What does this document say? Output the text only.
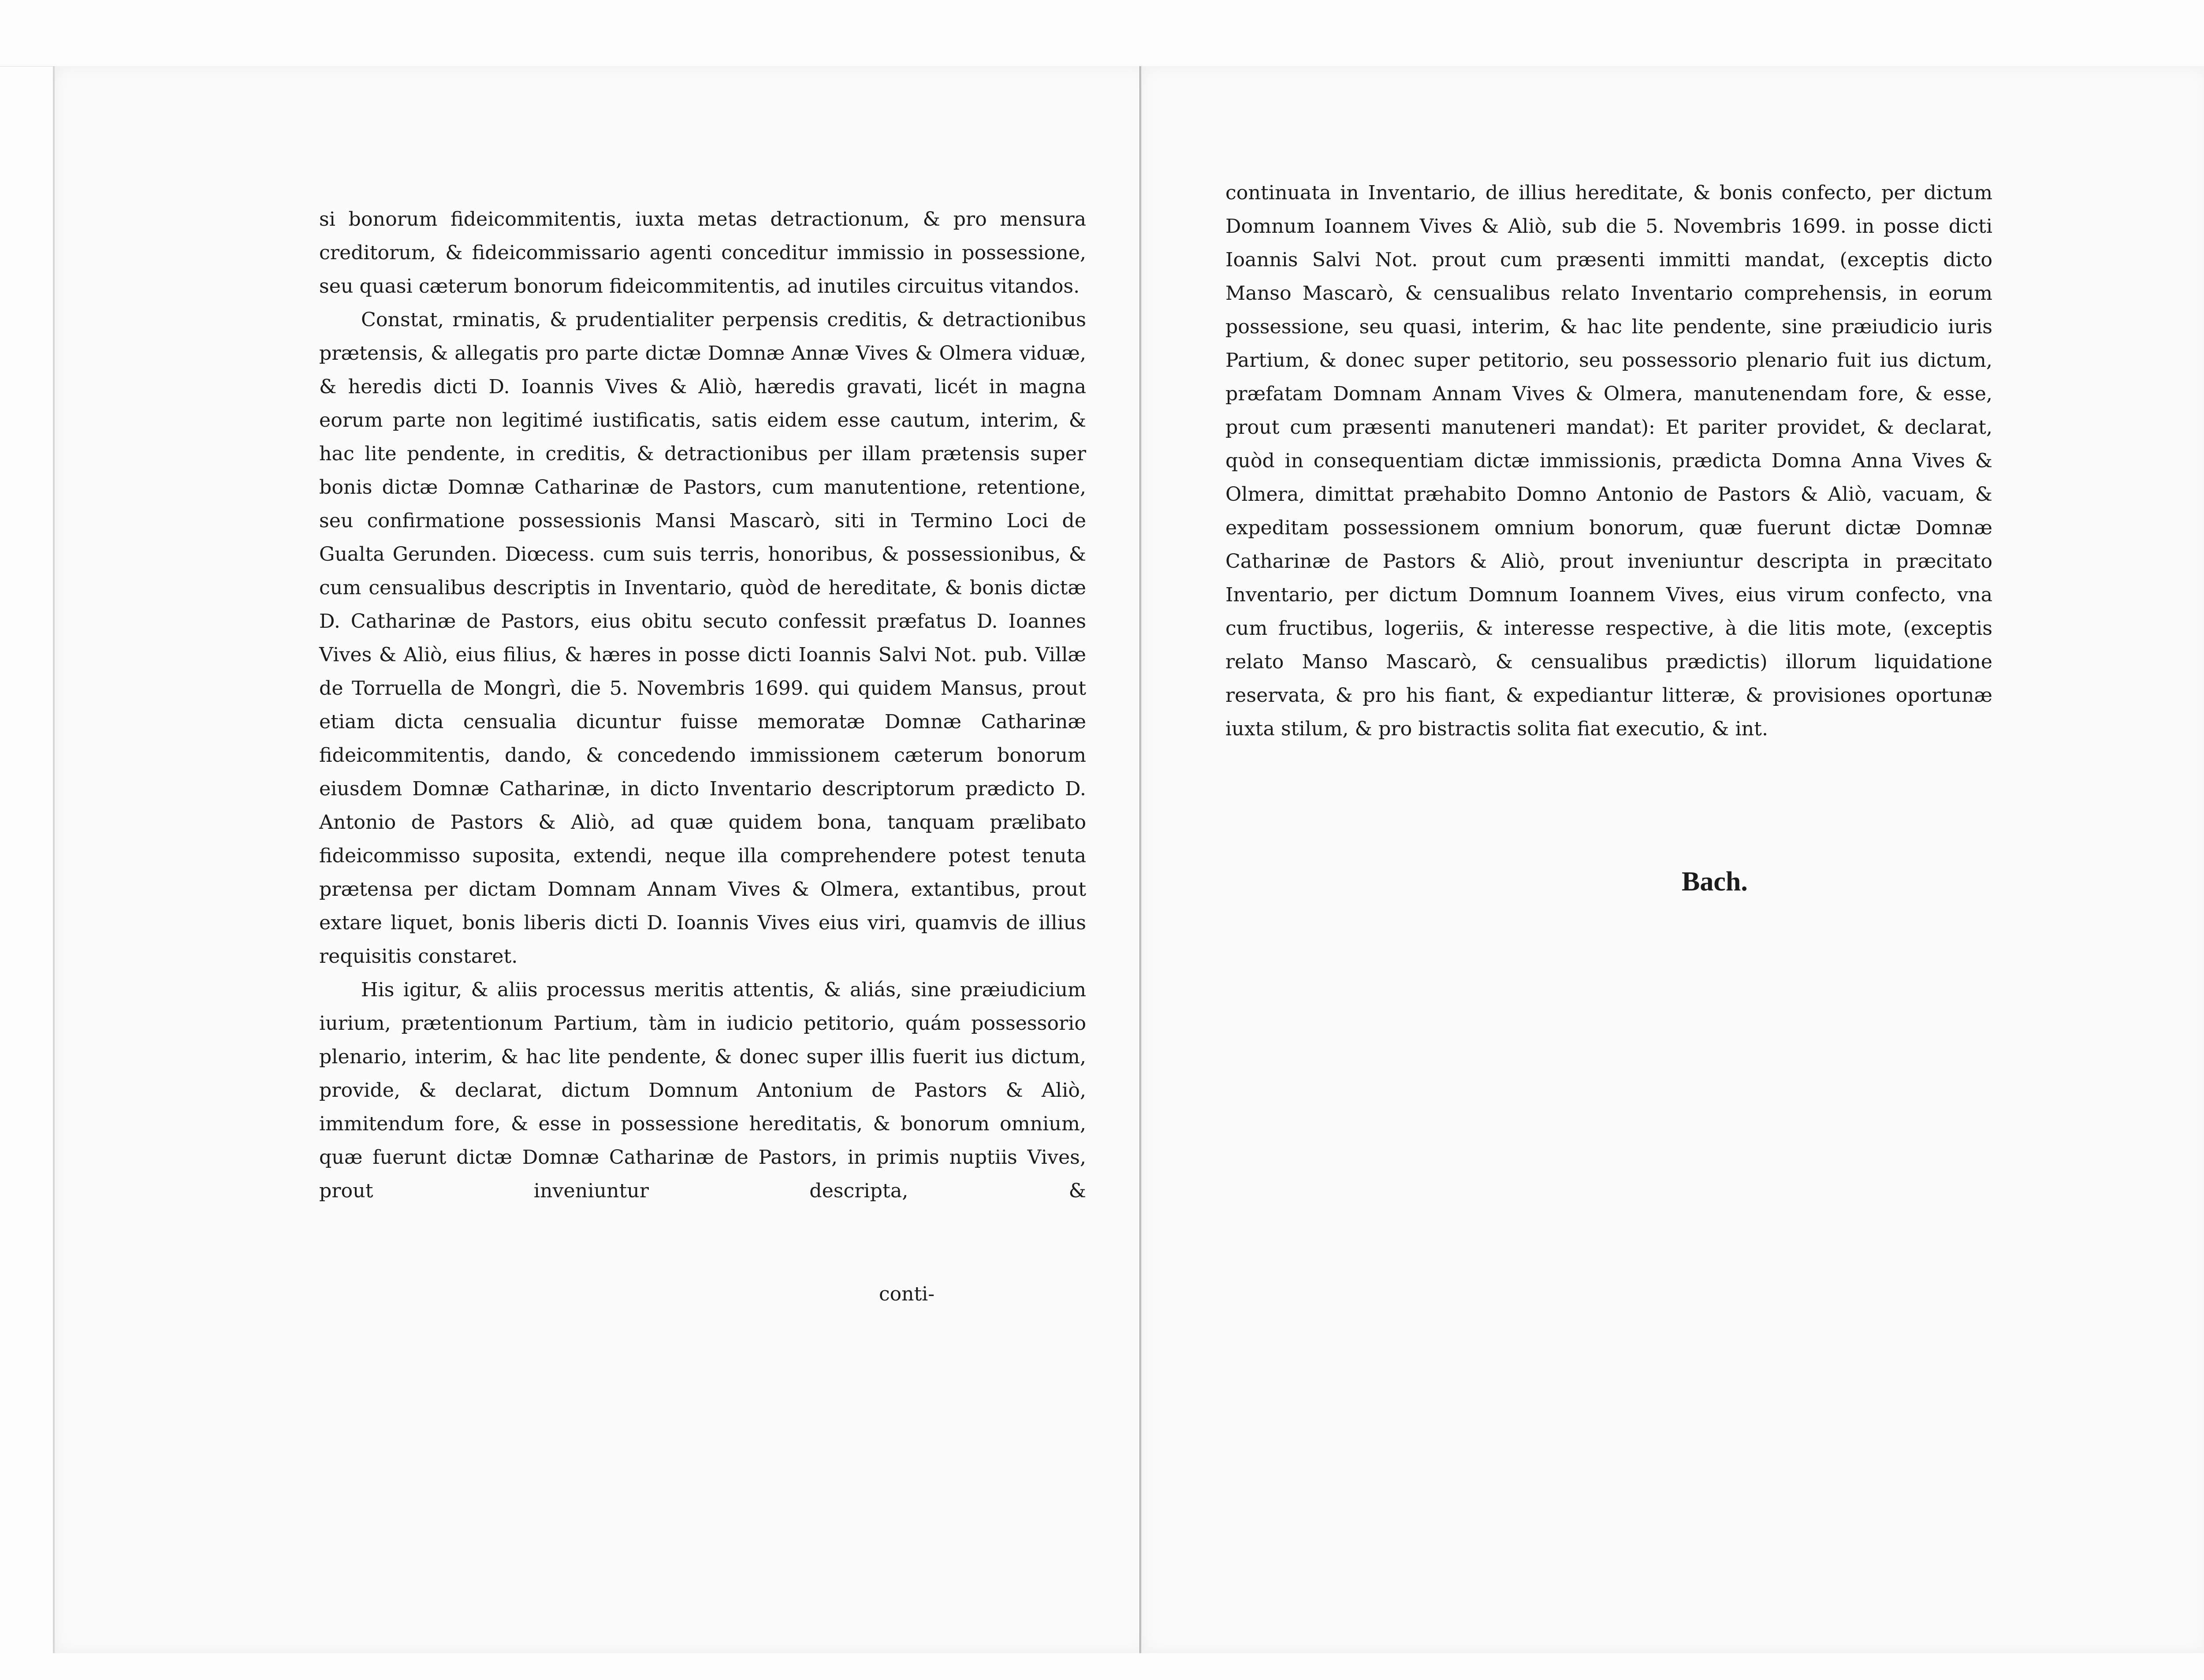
si bonorum fideicommitentis, iuxta metas detractionum, & pro mensura creditorum, & fideicommissario agenti conceditur immissio in possessione, seu quasi cæterum bonorum fideicommitentis, ad inutiles circuitus vitandos.

Constat, rminatis, & prudentialiter perpensis creditis, & detractionibus prætensis, & allegatis pro parte dictæ Domnæ Annæ Vives & Olmera viduæ, & heredis dicti D. Ioannis Vives & Aliò, hæredis gravati, licét in magna eorum parte non legitimé iustificatis, satis eidem esse cautum, interim, & hac lite pendente, in creditis, & detractionibus per illam prætensis super bonis dictæ Domnæ Catharinæ de Pastors, cum manutentione, retentione, seu confirmatione possessionis Mansi Mascarò, siti in Termino Loci de Gualta Gerunden. Diœcess. cum suis terris, honoribus, & possessionibus, & cum censualibus descriptis in Inventario, quòd de hereditate, & bonis dictæ D. Catharinæ de Pastors, eius obitu secuto confessit præfatus D. Ioannes Vives & Aliò, eius filius, & hæres in posse dicti Ioannis Salvi Not. pub. Villæ de Torruella de Mongrì, die 5. Novembris 1699. qui quidem Mansus, prout etiam dicta censualia dicuntur fuisse memoratæ Domnæ Catharinæ fideicommitentis, dando, & concedendo immissionem cæterum bonorum eiusdem Domnæ Catharinæ, in dicto Inventario descriptorum prædicto D. Antonio de Pastors & Aliò, ad quæ quidem bona, tanquam prælibato fideicommisso suposita, extendi, neque illa comprehendere potest tenuta prætensa per dictam Domnam Annam Vives & Olmera, extantibus, prout extare liquet, bonis liberis dicti D. Ioannis Vives eius viri, quamvis de illius requisitis constaret.

His igitur, & aliis processus meritis attentis, & aliás, sine præiudicium iurium, prætentionum Partium, tàm in iudicio petitorio, quám possessorio plenario, interim, & hac lite pendente, & donec super illis fuerit ius dictum, provide, & declarat, dictum Domnum Antonium de Pastors & Aliò, immitendum fore, & esse in possessione hereditatis, & bonorum omnium, quæ fuerunt dictæ Domnæ Catharinæ de Pastors, in primis nuptiis Vives, prout inveniuntur descripta, &

conti-

continuata in Inventario, de illius hereditate, & bonis confecto, per dictum Domnum Ioannem Vives & Aliò, sub die 5. Novembris 1699. in posse dicti Ioannis Salvi Not. prout cum præsenti immitti mandat, (exceptis dicto Manso Mascarò, & censualibus relato Inventario comprehensis, in eorum possessione, seu quasi, interim, & hac lite pendente, sine præiudicio iuris Partium, & donec super petitorio, seu possessorio plenario fuit ius dictum, præfatam Domnam Annam Vives & Olmera, manutenendam fore, & esse, prout cum præsenti manuteneri mandat): Et pariter providet, & declarat, quòd in consequentiam dictæ immissionis, prædicta Domna Anna Vives & Olmera, dimittat præhabito Domno Antonio de Pastors & Aliò, vacuam, & expeditam possessionem omnium bonorum, quæ fuerunt dictæ Domnæ Catharinæ de Pastors & Aliò, prout inveniuntur descripta in præcitato Inventario, per dictum Domnum Ioannem Vives, eius virum confecto, vna cum fructibus, logeriis, & interesse respective, à die litis mote, (exceptis relato Manso Mascarò, & censualibus prædictis) illorum liquidatione reservata, & pro his fiant, & expediantur litteræ, & provisiones oportunæ iuxta stilum, & pro bistractis solita fiat executio, & int.

Bach.
